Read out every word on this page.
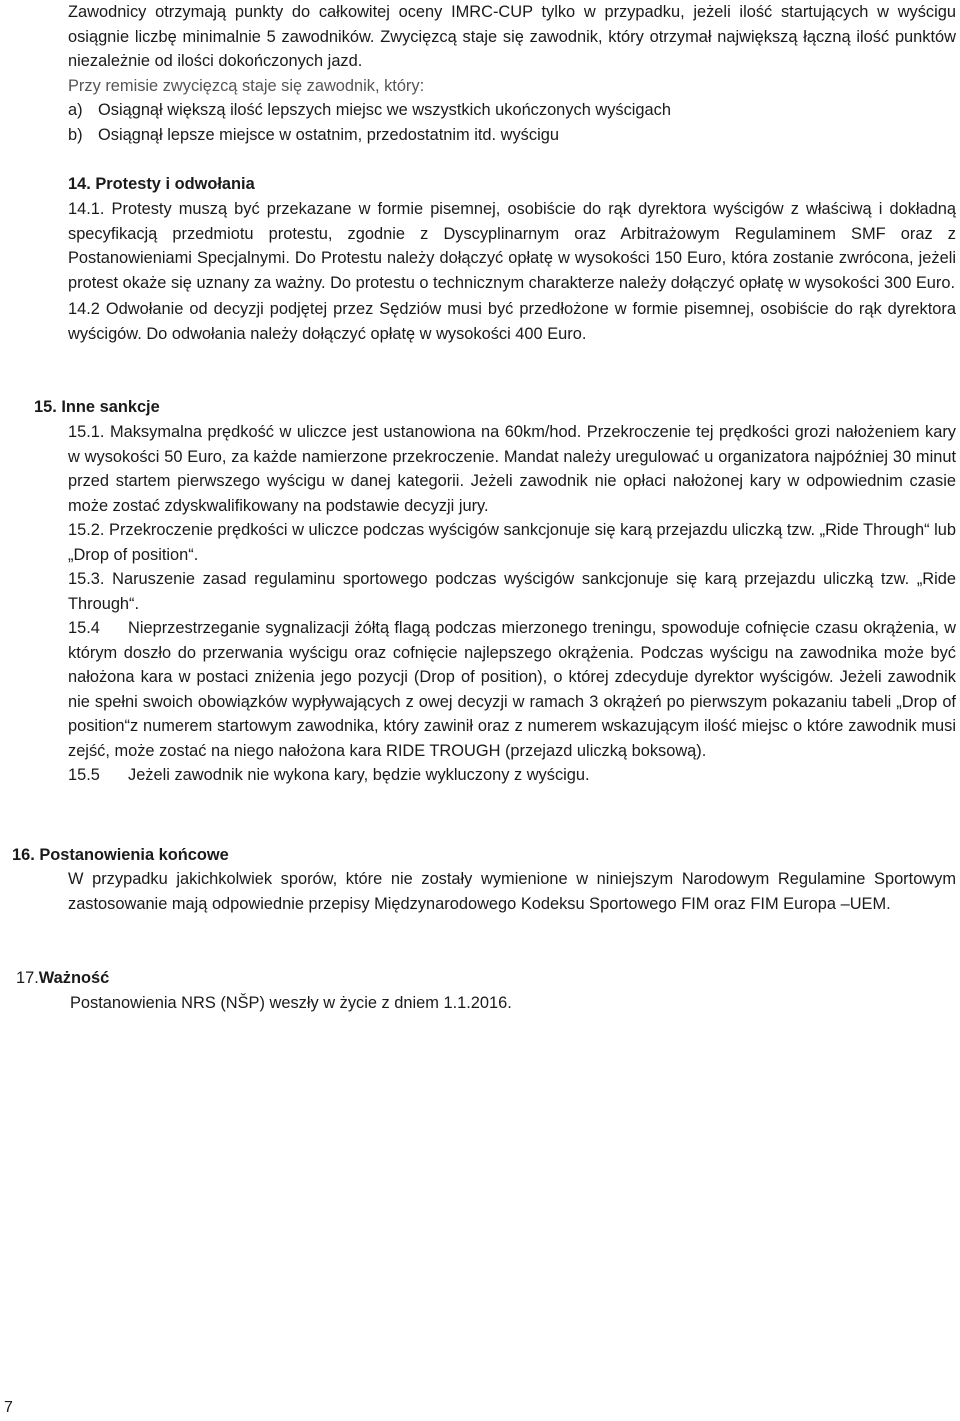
Zawodnicy otrzymają punkty do całkowitej oceny IMRC-CUP tylko w przypadku, jeżeli ilość startujących w wyścigu osiągnie liczbę minimalnie 5 zawodników. Zwycięzcą staje się zawodnik, który otrzymał największą łączną ilość punktów niezależnie od ilości dokończonych jazd.

Przy remisie zwycięzcą staje się zawodnik, który:

a) Osiągnął większą ilość lepszych miejsc we wszystkich ukończonych wyścigach
b) Osiągnął lepsze miejsce w ostatnim, przedostatnim itd. wyścigu
14. Protesty i odwołania

14.1. Protesty muszą być przekazane w formie pisemnej, osobiście do rąk dyrektora wyścigów z właściwą i dokładną specyfikacją przedmiotu protestu, zgodnie z Dyscyplinarnym oraz Arbitrażowym Regulaminem SMF oraz z Postanowieniami Specjalnymi. Do Protestu należy dołączyć opłatę w wysokości 150 Euro, która zostanie zwrócona, jeżeli protest okaże się uznany za ważny. Do protestu o technicznym charakterze należy dołączyć opłatę w wysokości 300 Euro.

14.2 Odwołanie od decyzji podjętej przez Sędziów musi być przedłożone w formie pisemnej, osobiście do rąk dyrektora wyścigów. Do odwołania należy dołączyć opłatę w wysokości 400 Euro.

15. Inne sankcje

15.1. Maksymalna prędkość w uliczce jest ustanowiona na 60km/hod. Przekroczenie tej prędkości grozi nałożeniem kary w wysokości 50 Euro, za każde namierzone przekroczenie. Mandat należy uregulować u organizatora najpóźniej 30 minut przed startem pierwszego wyścigu w danej kategorii. Jeżeli zawodnik nie opłaci nałożonej kary w odpowiednim czasie może zostać zdyskwalifikowany na podstawie decyzji jury.

15.2. Przekroczenie prędkości w uliczce podczas wyścigów sankcjonuje się karą przejazdu uliczką tzw. „Ride Through“ lub „Drop of position“.

15.3. Naruszenie zasad regulaminu sportowego podczas wyścigów sankcjonuje się karą przejazdu uliczką tzw. „Ride Through“.

15.4 Nieprzestrzeganie sygnalizacji żółtą flagą podczas mierzonego treningu, spowoduje cofnięcie czasu okrążenia, w którym doszło do przerwania wyścigu oraz cofnięcie najlepszego okrążenia. Podczas wyścigu na zawodnika może być nałożona kara w postaci zniżenia jego pozycji (Drop of position), o której zdecyduje dyrektor wyścigów. Jeżeli zawodnik nie spełni swoich obowiązków wypływających z owej decyzji w ramach 3 okrążeń po pierwszym pokazaniu tabeli „Drop of position“z numerem startowym zawodnika, który zawinił oraz z numerem wskazującym ilość miejsc o które zawodnik musi zejść, może zostać na niego nałożona kara RIDE TROUGH (przejazd uliczką boksową).

15.5 Jeżeli zawodnik nie wykona kary, będzie wykluczony z wyścigu.

16. Postanowienia końcowe

W przypadku jakichkolwiek sporów, które nie zostały wymienione w niniejszym Narodowym Regulamine Sportowym zastosowanie mają odpowiednie przepisy Międzynarodowego Kodeksu Sportowego FIM oraz FIM Europa –UEM.

17.Ważność

Postanowienia NRS (NŠP) weszły w życie z dniem 1.1.2016.

7
